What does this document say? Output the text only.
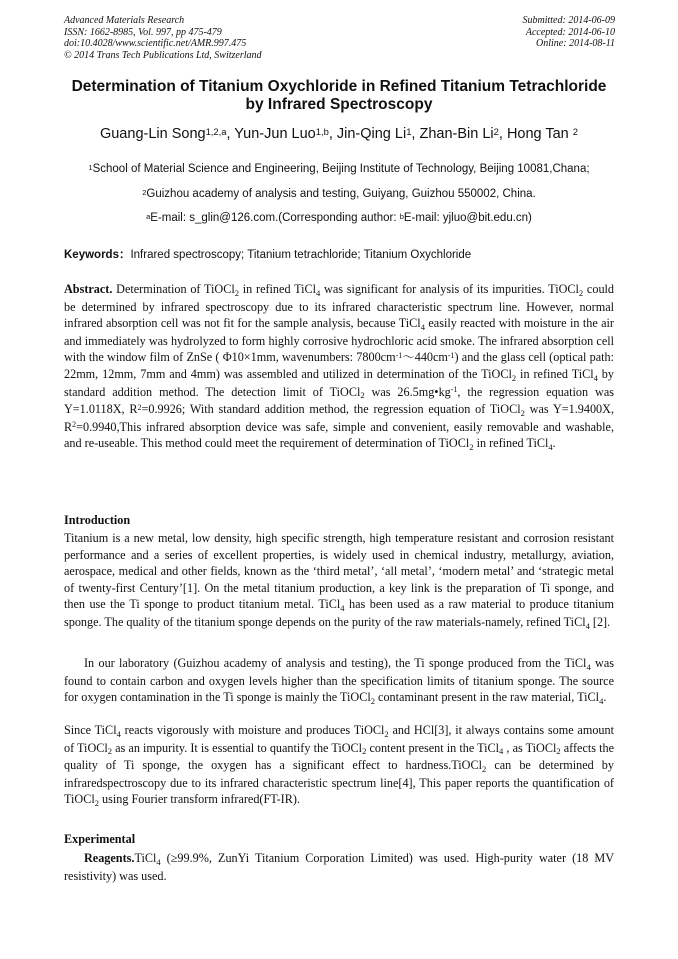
Advanced Materials Research
ISSN: 1662-8985, Vol. 997, pp 475-479
doi:10.4028/www.scientific.net/AMR.997.475
© 2014 Trans Tech Publications Ltd, Switzerland
Submitted: 2014-06-09
Accepted: 2014-06-10
Online: 2014-08-11
Determination of Titanium Oxychloride in Refined Titanium Tetrachloride
by Infrared Spectroscopy
Guang-Lin Song$^{1,2,a}$, Yun-Jun Luo$^{1,b}$, Jin-Qing Li$^1$, Zhan-Bin Li$^2$, Hong Tan $^2$
$^1$School of Material Science and Engineering, Beijing Institute of Technology, Beijing 10081,Chana;
$^2$Guizhou academy of analysis and testing, Guiyang, Guizhou 550002, China.
$^a$E-mail: s_glin@126.com.(Corresponding author: $^b$E-mail: yjluo@bit.edu.cn)
Keywords：Infrared spectroscopy; Titanium tetrachloride; Titanium Oxychloride
Abstract. Determination of TiOCl$_2$ in refined TiCl$_4$ was significant for analysis of its impurities. TiOCl$_2$ could be determined by infrared spectroscopy due to its infrared characteristic spectrum line. However, normal infrared absorption cell was not fit for the sample analysis, because TiCl$_4$ easily reacted with moisture in the air and immediately was hydrolyzed to form highly corrosive hydrochloric acid smoke. The infrared absorption cell with the window film of ZnSe ( Φ10×1mm, wavenumbers: $7800cm^{-1}\sim 440cm^{-1}$) and the glass cell (optical path: 22mm, 12mm, 7mm and 4mm) was assembled and utilized in determination of the TiOCl$_2$ in refined TiCl$_4$ by standard addition method. The detection limit of TiOCl$_2$ was $26.5mg•kg^{-1}$, the regression equation was Y=1.0118X, $R^2=0.9926$; With standard addition method, the regression equation of TiOCl$_2$ was Y=1.9400X, $R^2=0.9940,This$ infrared absorption device was safe, simple and convenient, easily removable and washable, and re-useable. This method could meet the requirement of determination of TiOCl$_2$ in refined TiCl$_4$.
Introduction
Titanium is a new metal, low density, high specific strength, high temperature resistant and corrosion resistant performance and a series of excellent properties, is widely used in chemical industry, metallurgy, aviation, aerospace, medical and other fields, known as the ‘third metal’, ‘all metal’, ‘modern metal’ and ‘strategic metal of twenty-first Century’[1]. On the metal titanium production, a key link is the preparation of Ti sponge, and then use the Ti sponge to product titanium metal. TiCl$_4$ has been used as a raw material to produce titanium sponge. The quality of the titanium sponge depends on the purity of the raw materials-namely, refined TiCl$_4$ [2].
In our laboratory (Guizhou academy of analysis and testing), the Ti sponge produced from the TiCl$_4$ was found to contain carbon and oxygen levels higher than the specification limits of titanium sponge. The source for oxygen contamination in the Ti sponge is mainly the TiOCl$_2$ contaminant present in the raw material, TiCl$_4$.
Since TiCl$_4$ reacts vigorously with moisture and produces TiOCl$_2$ and HCl[3], it always contains some amount of TiOCl$_2$ as an impurity. It is essential to quantify the TiOCl$_2$ content present in the TiCl$_4$ , as TiOCl$_2$ affects the quality of Ti sponge, the oxygen has a significant effect to hardness.TiOCl$_2$ can be determined by infraredspectroscopy due to its infrared characteristic spectrum line[4], This paper reports the quantification of TiOCl$_2$ using Fourier transform infrared(FT-IR).
Experimental
Reagents.TiCl$_4$ (≥99.9%, ZunYi Titanium Corporation Limited) was used. High-purity water (18 MV resistivity) was used.
